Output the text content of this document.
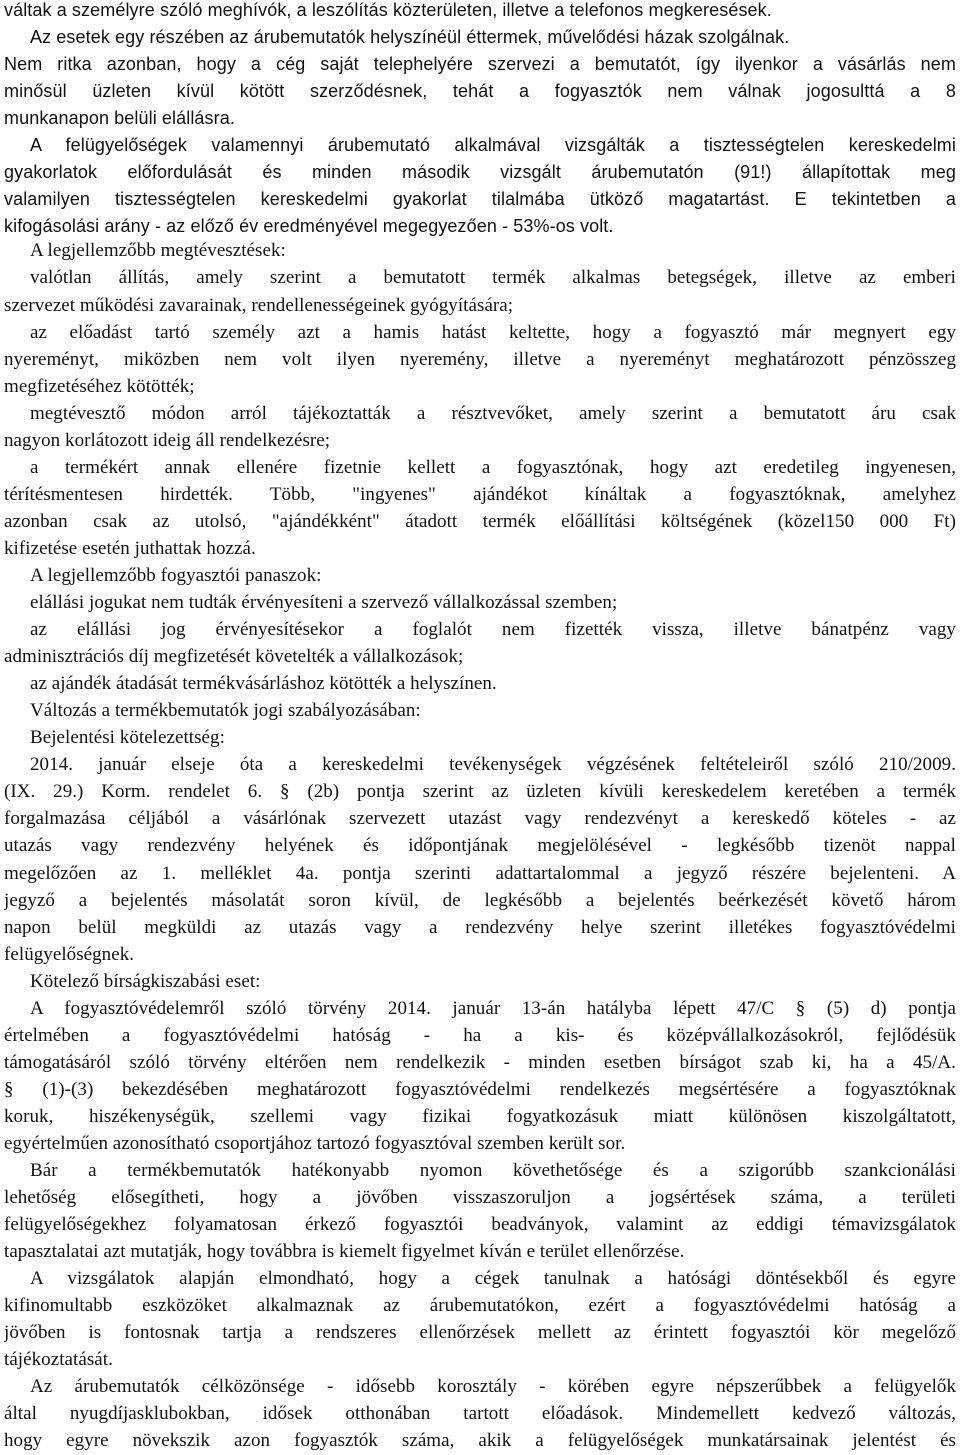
váltak a személyre szóló meghívók, a leszólítás közterületen, illetve a telefonos megkeresések.
Az esetek egy részében az árubemutatók helyszínéül éttermek, művelődési házak szolgálnak.
Nem ritka azonban, hogy a cég saját telephelyére szervezi a bemutatót, így ilyenkor a vásárlás nem
minősül üzleten kívül kötött szerződésnek, tehát a fogyasztók nem válnak jogosulttá a 8
munkanapon belüli elállásra.
A felügyelőségek valamennyi árubemutató alkalmával vizsgálták a tisztességtelen kereskedelmi
gyakorlatok előfordulását és minden második vizsgált árubemutatón (91!) állapítottak meg
valamilyen tisztességtelen kereskedelmi gyakorlat tilalmába ütköző magatartást. E tekintetben a
kifogásolási arány - az előző év eredményével megegyezően - 53%-os volt.
A legjellemzőbb megtévesztések:
valótlan állítás, amely szerint a bemutatott termék alkalmas betegségek, illetve az emberi
szervezet működési zavarainak, rendellenességeinek gyógyítására;
az előadást tartó személy azt a hamis hatást keltette, hogy a fogyasztó már megnyert egy
nyereményt, miközben nem volt ilyen nyeremény, illetve a nyereményt meghatározott pénzösszeg
megfizetéséhez kötötték;
megtévesztő módon arról tájékoztatták a résztvevőket, amely szerint a bemutatott áru csak
nagyon korlátozott ideig áll rendelkezésre;
a termékért annak ellenére fizetnie kellett a fogyasztónak, hogy azt eredetileg ingyenesen,
térítésmentesen hirdették. Több, "ingyenes" ajándékot kínáltak a fogyasztóknak, amelyhez
azonban csak az utolsó, "ajándékként" átadott termék előállítási költségének (közel150 000 Ft)
kifizetése esetén juthattak hozzá.
A legjellemzőbb fogyasztói panaszok:
elállási jogukat nem tudták érvényesíteni a szervező vállalkozással szemben;
az elállási jog érvényesítésekor a foglalót nem fizették vissza, illetve bánatpénz vagy
adminisztrációs díj megfizetését követelték a vállalkozások;
az ajándék átadását termékvásárláshoz kötötték a helyszínen.
Változás a termékbemutatók jogi szabályozásában:
Bejelentési kötelezettség:
2014. január elseje óta a kereskedelmi tevékenységek végzésének feltételeiről szóló 210/2009.
(IX. 29.) Korm. rendelet 6. § (2b) pontja szerint az üzleten kívüli kereskedelem keretében a termék
forgalmazása céljából a vásárlónak szervezett utazást vagy rendezvényt a kereskedő köteles - az
utazás vagy rendezvény helyének és időpontjának megjelölésével - legkésőbb tizenöt nappal
megelőzően az 1. melléklet 4a. pontja szerinti adattartalommal a jegyző részére bejelenteni. A
jegyző a bejelentés másolatát soron kívül, de legkésőbb a bejelentés beérkezését követő három
napon belül megküldi az utazás vagy a rendezvény helye szerint illetékes fogyasztóvédelmi
felügyelőségnek.
Kötelező bírságkiszabási eset:
A fogyasztóvédelemről szóló törvény 2014. január 13-án hatályba lépett 47/C § (5) d) pontja
értelmében a fogyasztóvédelmi hatóság - ha a kis- és középvállalkozásokról, fejlődésük
támogatásáról szóló törvény eltérően nem rendelkezik - minden esetben bírságot szab ki, ha a 45/A.
§ (1)-(3) bekezdésében meghatározott fogyasztóvédelmi rendelkezés megsértésére a fogyasztóknak
koruk, hiszékenységük, szellemi vagy fizikai fogyatkozásuk miatt különösen kiszolgáltatott,
egyértelműen azonosítható csoportjához tartozó fogyasztóval szemben került sor.
Bár a termékbemutatók hatékonyabb nyomon követhetősége és a szigorúbb szankcionálási
lehetőség elősegítheti, hogy a jövőben visszaszoruljon a jogsértések száma, a területi
felügyelőségekhez folyamatosan érkező fogyasztói beadványok, valamint az eddigi témavizsgálatok
tapasztalatai azt mutatják, hogy továbbra is kiemelt figyelmet kíván e terület ellenőrzése.
A vizsgálatok alapján elmondható, hogy a cégek tanulnak a hatósági döntésekből és egyre
kifinomultabb eszközöket alkalmaznak az árubemutatókon, ezért a fogyasztóvédelmi hatóság a
jövőben is fontosnak tartja a rendszeres ellenőrzések mellett az érintett fogyasztói kör megelőző
tájékoztatását.
Az árubemutatók célközönsége - idősebb korosztály - körében egyre népszerűbbek a felügyelők
által nyugdíjasklubokban, idősek otthonában tartott előadások. Mindemellett kedvező változás,
hogy egyre növekszik azon fogyasztók száma, akik a felügyelőségek munkatársainak jelentést és
